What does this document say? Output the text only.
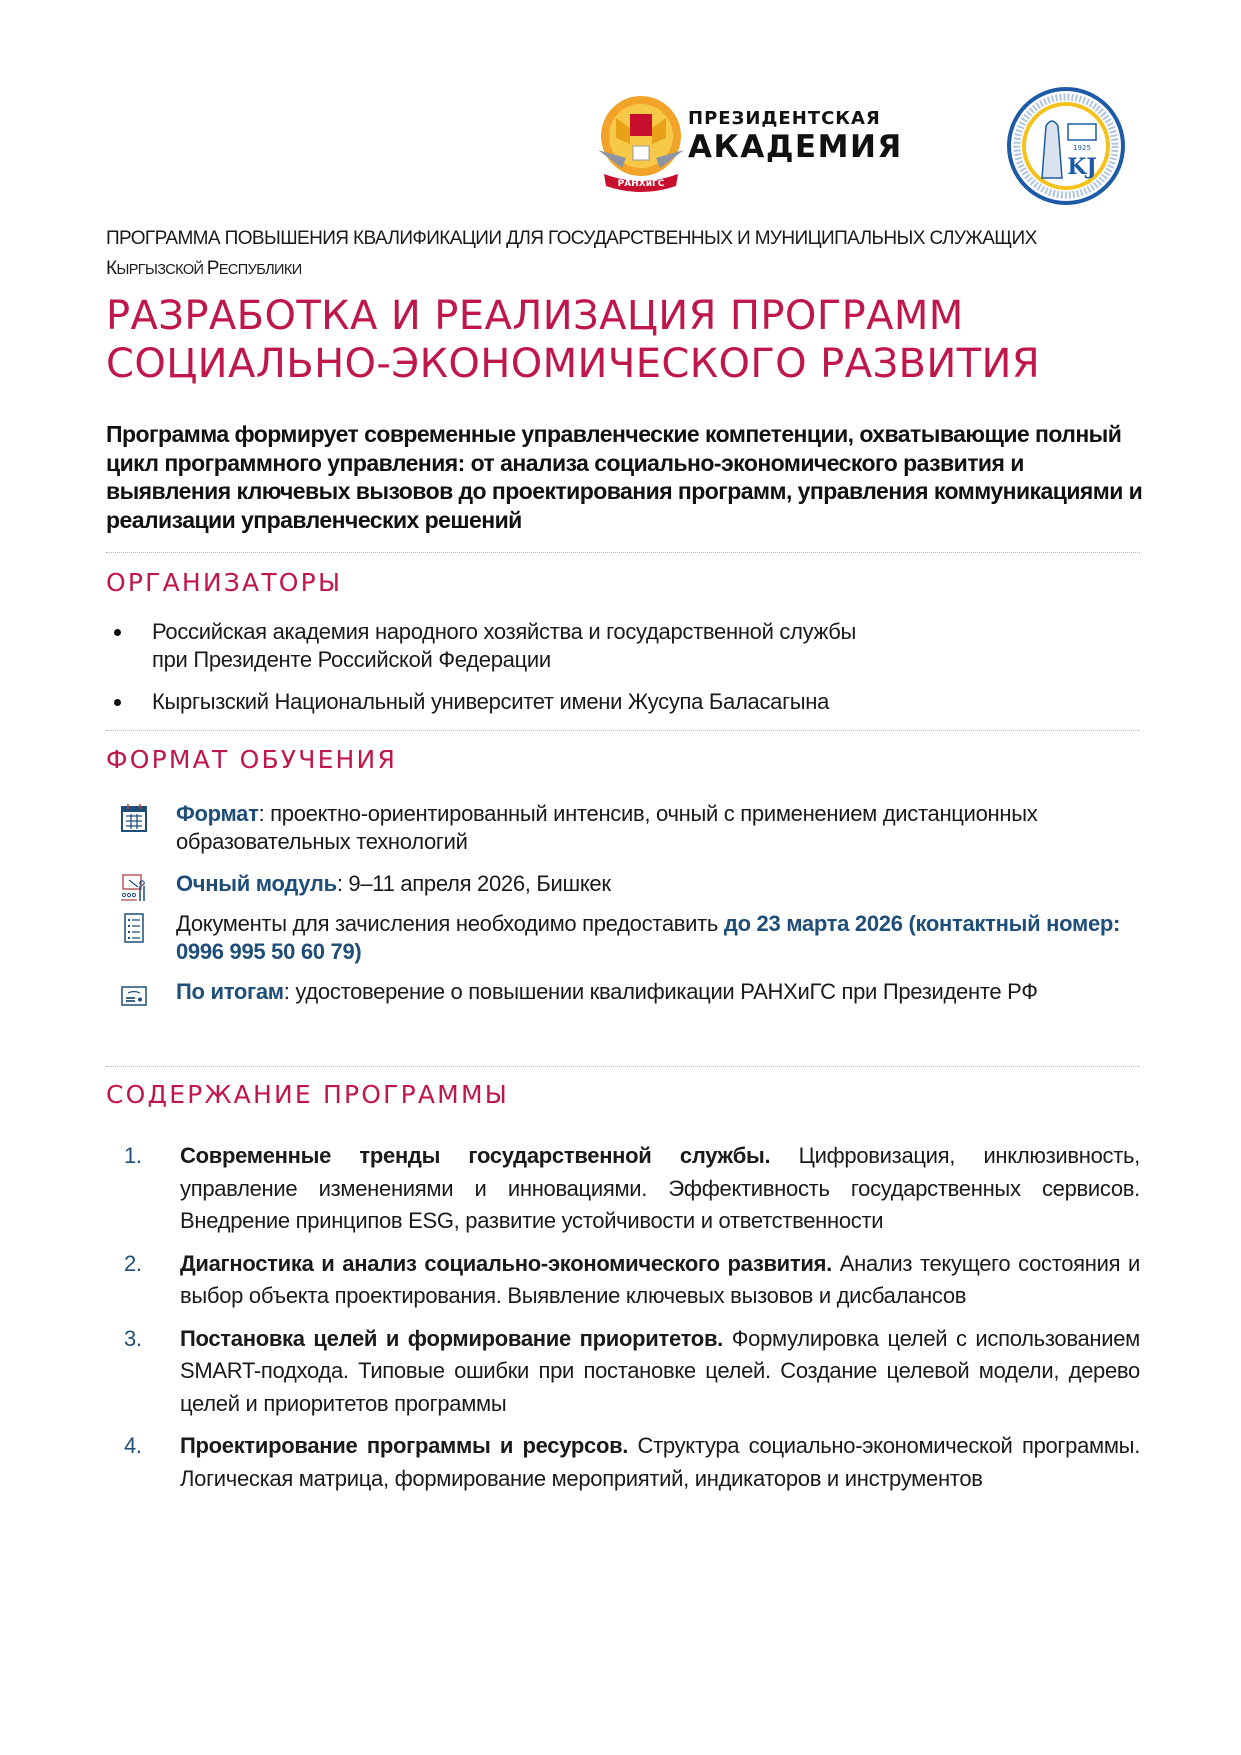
РАНХиГС
ПРЕЗИДЕНТСКАЯ
АКАДЕМИЯ	1925
KJ
ПРОГРАММА ПОВЫШЕНИЯ КВАЛИФИКАЦИИ ДЛЯ ГОСУДАРСТВЕННЫХ И МУНИЦИПАЛЬНЫХ СЛУЖАЩИХ
КЫРГЫЗСКОЙ РЕСПУБЛИКИ
РАЗРАБОТКА И РЕАЛИЗАЦИЯ ПРОГРАММ
СОЦИАЛЬНО-ЭКОНОМИЧЕСКОГО РАЗВИТИЯ

Программа формирует современные управленческие компетенции, охватывающие полный цикл программного управления: от анализа социально-экономического развития и выявления ключевых вызовов до проектирования программ, управления коммуникациями и реализации управленческих решений

ОРГАНИЗАТОРЫ
Российская академия народного хозяйства и государственной службы
при Президенте Российской Федерации
Кыргызский Национальный университет имени Жусупа Баласагына
ФОРМАТ ОБУЧЕНИЯ
Формат: проектно-ориентированный интенсив, очный с применением дистанционных образовательных технологий
Очный модуль: 9–11 апреля 2026, Бишкек
Документы для зачисления необходимо предоставить до 23 марта 2026 (контактный номер: 0996 995 50 60 79)
По итогам: удостоверение о повышении квалификации РАНХиГС при Президенте РФ
СОДЕРЖАНИЕ ПРОГРАММЫ
1. Современные тренды государственной службы. Цифровизация, инклюзивность, управление изменениями и инновациями. Эффективность государственных сервисов. Внедрение принципов ESG, развитие устойчивости и ответственности
2. Диагностика и анализ социально-экономического развития. Анализ текущего состояния и выбор объекта проектирования. Выявление ключевых вызовов и дисбалансов
3. Постановка целей и формирование приоритетов. Формулировка целей с использованием SMART-подхода. Типовые ошибки при постановке целей. Создание целевой модели, дерево целей и приоритетов программы
4. Проектирование программы и ресурсов. Структура социально-экономической программы. Логическая матрица, формирование мероприятий, индикаторов и инструментов
